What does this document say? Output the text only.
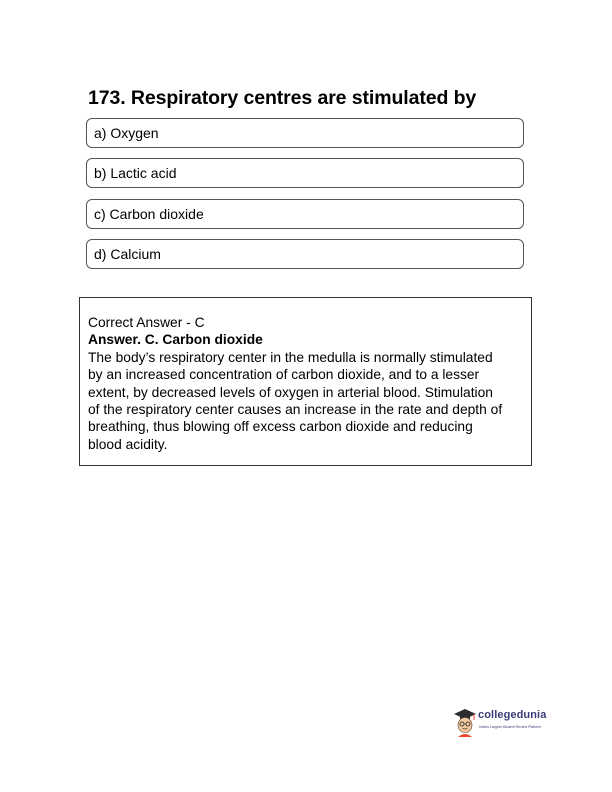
173. Respiratory centres are stimulated by
a) Oxygen
b) Lactic acid
c) Carbon dioxide
d) Calcium
Correct Answer - C
Answer. C. Carbon dioxide
The body’s respiratory center in the medulla is normally stimulated
by an increased concentration of carbon dioxide, and to a lesser
extent, by decreased levels of oxygen in arterial blood. Stimulation
of the respiratory center causes an increase in the rate and depth of
breathing, thus blowing off excess carbon dioxide and reducing
blood acidity.
collegedunia
India's Largest Student Review Platform
